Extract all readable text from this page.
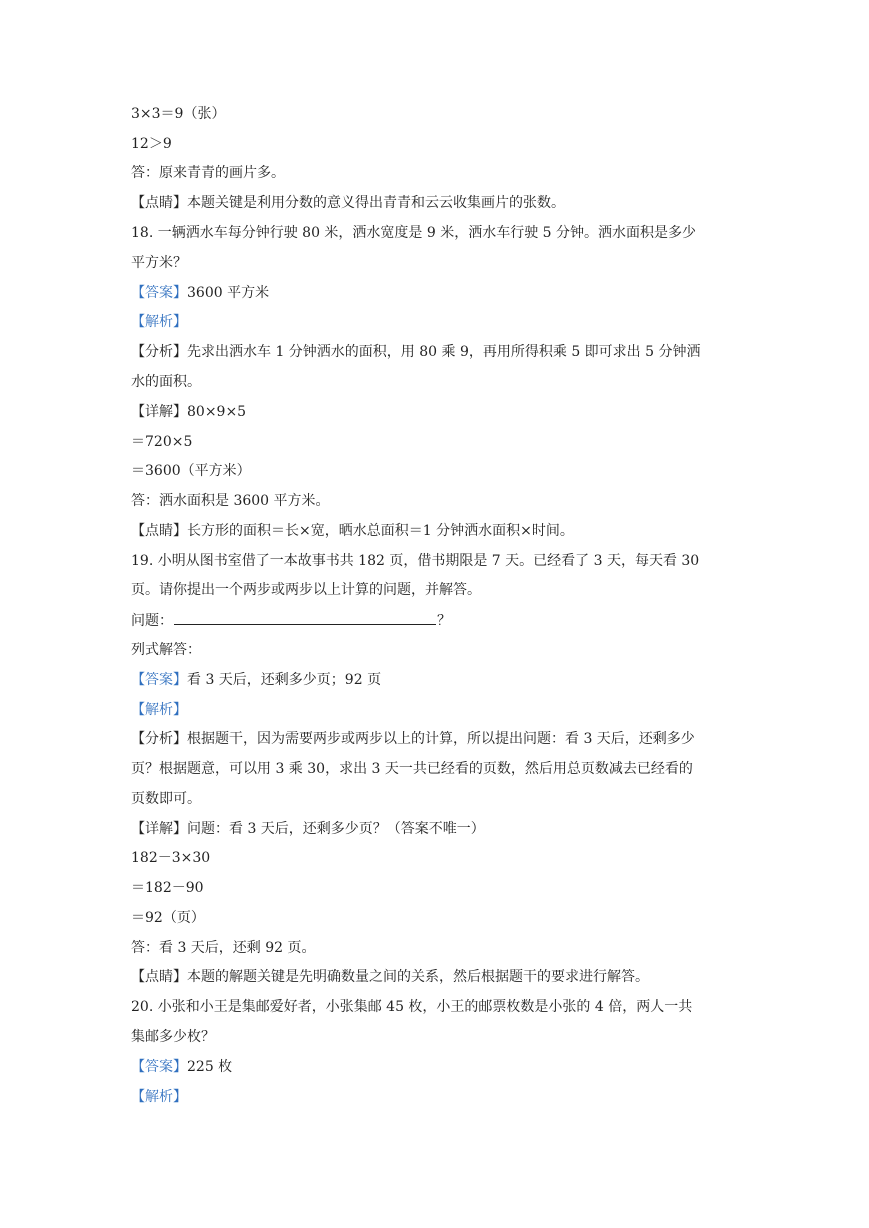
3×3＝9（张）
12＞9
答：原来青青的画片多。
【点睛】本题关键是利用分数的意义得出青青和云云收集画片的张数。
18. 一辆洒水车每分钟行驶 80 米，洒水宽度是 9 米，洒水车行驶 5 分钟。洒水面积是多少
平方米？
【答案】3600 平方米
【解析】
【分析】先求出洒水车 1 分钟洒水的面积，用 80 乘 9，再用所得积乘 5 即可求出 5 分钟洒
水的面积。
【详解】80×9×5
＝720×5
＝3600（平方米）
答：洒水面积是 3600 平方米。
【点睛】长方形的面积＝长×宽，晒水总面积＝1 分钟洒水面积×时间。
19. 小明从图书室借了一本故事书共 182 页，借书期限是 7 天。已经看了 3 天，每天看 30
页。请你提出一个两步或两步以上计算的问题，并解答。
问题：	？
列式解答：
【答案】看 3 天后，还剩多少页；92 页
【解析】
【分析】根据题干，因为需要两步或两步以上的计算，所以提出问题：看 3 天后，还剩多少
页？根据题意，可以用 3 乘 30，求出 3 天一共已经看的页数，然后用总页数减去已经看的
页数即可。
【详解】问题：看 3 天后，还剩多少页？（答案不唯一）
182－3×30
＝182－90
＝92（页）
答：看 3 天后，还剩 92 页。
【点睛】本题的解题关键是先明确数量之间的关系，然后根据题干的要求进行解答。
20. 小张和小王是集邮爱好者，小张集邮 45 枚，小王的邮票枚数是小张的 4 倍，两人一共
集邮多少枚？
【答案】225 枚
【解析】
